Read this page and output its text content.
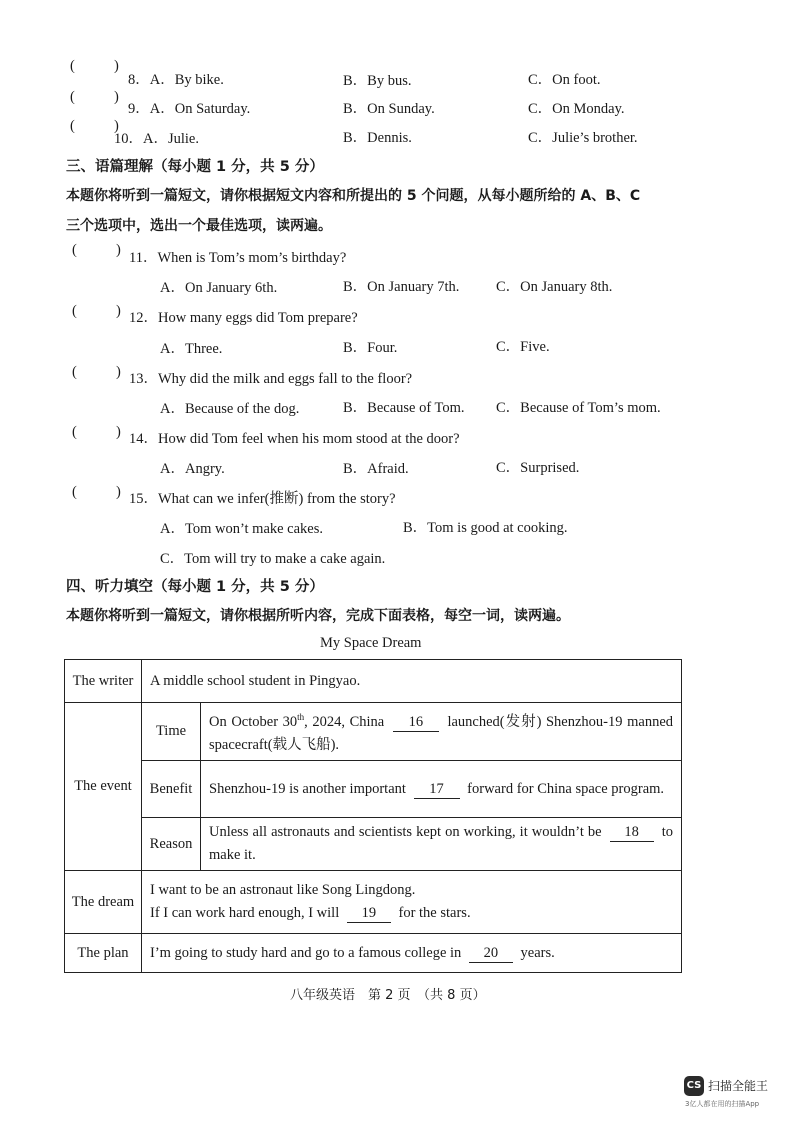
(	)
8．A．By bike.	B．By bus.	C．On foot.
(	)
9．A．On Saturday.	B．On Sunday.	C．On Monday.
(	)
10．A．Julie.	B．Dennis.	C．Julie’s brother.
三、语篇理解（每小题 1 分，共 5 分）
本题你将听到一篇短文，请你根据短文内容和所提出的 5 个问题，从每小题所给的 A、B、C
三个选项中，选出一个最佳选项，读两遍。
(	) 11．When is Tom’s mom’s birthday?
A．On January 6th.	B．On January 7th.	C．On January 8th.
(	) 12．How many eggs did Tom prepare?
A．Three.	B．Four.	C．Five.
(	) 13．Why did the milk and eggs fall to the floor?
A．Because of the dog.	B．Because of Tom. C．Because of Tom’s mom.
(	) 14．How did Tom feel when his mom stood at the door?
A．Angry.	B．Afraid.	C．Surprised.
(	) 15．What can we infer(推断) from the story?
A．Tom won’t make cakes.	B．Tom is good at cooking.
C．Tom will try to make a cake again.
四、听力填空（每小题 1 分，共 5 分）
本题你将听到一篇短文，请你根据所听内容，完成下面表格，每空一词，读两遍。
My Space Dream
The writer	A middle school student in Pingyao.	
The event	Time	On October 30th, 2024, China 16 launched(发射) Shenzhou-19 manned spacecraft(载人飞船).
	Benefit	Shenzhou-19 is another important 17 forward for China space program.
	Reason	Unless all astronauts and scientists kept on working, it wouldn’t be 18 to make it.
The dream	I want to be an astronaut like Song Lingdong.
If I can work hard enough, I will 19 for the stars.	

The plan	I’m going to study hard and go to a famous college in 20 years.	
八年级英语　第 2 页　（共 8 页）
CS 扫描全能王
3亿人都在用的扫描App
